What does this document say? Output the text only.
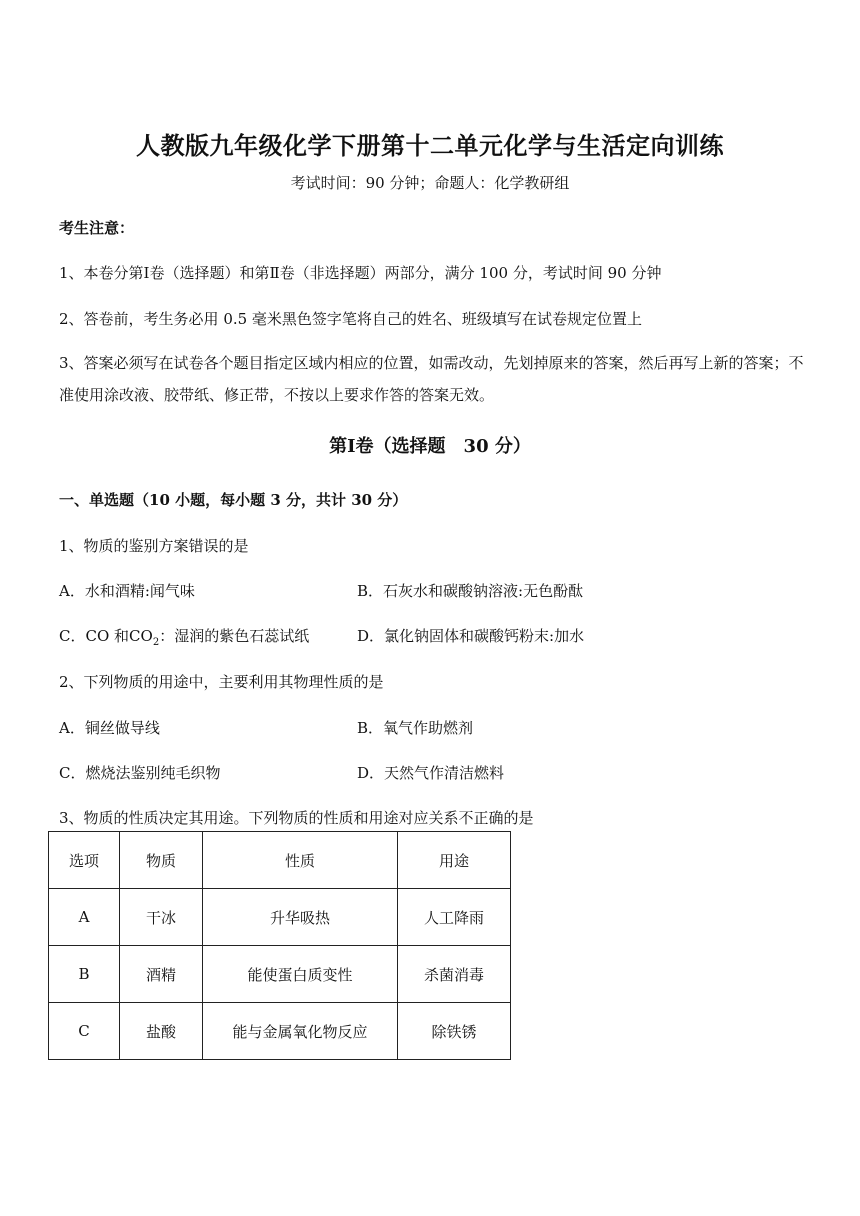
人教版九年级化学下册第十二单元化学与生活定向训练
考试时间：90 分钟；命题人：化学教研组
考生注意：
1、本卷分第Ⅰ卷（选择题）和第Ⅱ卷（非选择题）两部分，满分 100 分，考试时间 90 分钟
2、答卷前，考生务必用 0.5 毫米黑色签字笔将自己的姓名、班级填写在试卷规定位置上
3、答案必须写在试卷各个题目指定区域内相应的位置，如需改动，先划掉原来的答案，然后再写上新的答案；不准使用涂改液、胶带纸、修正带，不按以上要求作答的答案无效。
第Ⅰ卷（选择题　30 分）
一、单选题（10 小题，每小题 3 分，共计 30 分）
1、物质的鉴别方案错误的是
A．水和酒精:闻气味	B．石灰水和碳酸钠溶液:无色酚酞
C．CO 和$CO_2$：湿润的紫色石蕊试纸	D．氯化钠固体和碳酸钙粉末:加水
2、下列物质的用途中，主要利用其物理性质的是
A．铜丝做导线	B．氧气作助燃剂
C．燃烧法鉴别纯毛织物	D．天然气作清洁燃料
3、物质的性质决定其用途。下列物质的性质和用途对应关系不正确的是
选项	物质	性质	用途
A	干冰	升华吸热	人工降雨
B	酒精	能使蛋白质变性	杀菌消毒
C	盐酸	能与金属氧化物反应	除铁锈
